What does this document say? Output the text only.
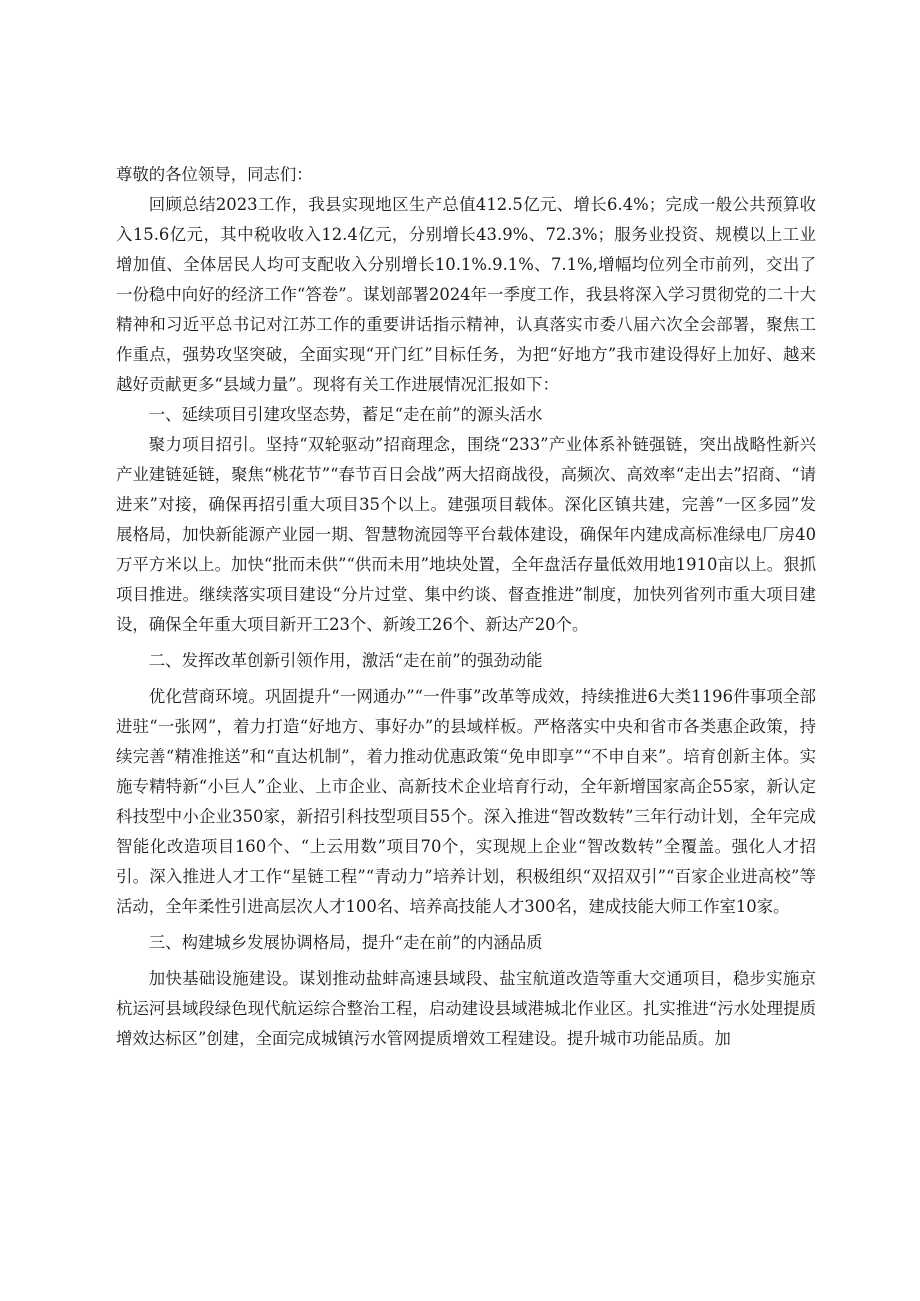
尊敬的各位领导，同志们：

回顾总结2023工作，我县实现地区生产总值412.5亿元、增长6.4%；完成一般公共预算收入15.6亿元，其中税收收入12.4亿元，分别增长43.9%、72.3%；服务业投资、规模以上工业增加值、全体居民人均可支配收入分别增长10.1%.9.1%、7.1%,增幅均位列全市前列，交出了一份稳中向好的经济工作“答卷”。谋划部署2024年一季度工作，我县将深入学习贯彻党的二十大精神和习近平总书记对江苏工作的重要讲话指示精神，认真落实市委八届六次全会部署，聚焦工作重点，强势攻坚突破，全面实现“开门红”目标任务，为把“好地方”我市建设得好上加好、越来越好贡献更多“县域力量”。现将有关工作进展情况汇报如下：

一、延续项目引建攻坚态势，蓄足“走在前”的源头活水

聚力项目招引。坚持“双轮驱动”招商理念，围绕“233”产业体系补链强链，突出战略性新兴产业建链延链，聚焦“桃花节”“春节百日会战”两大招商战役，高频次、高效率“走出去”招商、“请进来”对接，确保再招引重大项目35个以上。建强项目载体。深化区镇共建，完善“一区多园”发展格局，加快新能源产业园一期、智慧物流园等平台载体建设，确保年内建成高标准绿电厂房40万平方米以上。加快“批而未供”“供而未用”地块处置，全年盘活存量低效用地1910亩以上。狠抓项目推进。继续落实项目建设“分片过堂、集中约谈、督查推进”制度，加快列省列市重大项目建设，确保全年重大项目新开工23个、新竣工26个、新达产20个。

二、发挥改革创新引领作用，激活“走在前”的强劲动能

优化营商环境。巩固提升“一网通办”“一件事”改革等成效，持续推进6大类1196件事项全部进驻“一张网”，着力打造“好地方、事好办”的县域样板。严格落实中央和省市各类惠企政策，持续完善“精准推送”和“直达机制”，着力推动优惠政策“免申即享”“不申自来”。培育创新主体。实施专精特新“小巨人”企业、上市企业、高新技术企业培育行动，全年新增国家高企55家，新认定科技型中小企业350家，新招引科技型项目55个。深入推进“智改数转”三年行动计划，全年完成智能化改造项目160个、“上云用数”项目70个，实现规上企业“智改数转”全覆盖。强化人才招引。深入推进人才工作“星链工程”“青动力”培养计划，积极组织“双招双引”“百家企业进高校”等活动，全年柔性引进高层次人才100名、培养高技能人才300名，建成技能大师工作室10家。

三、构建城乡发展协调格局，提升“走在前”的内涵品质

加快基础设施建设。谋划推动盐蚌高速县域段、盐宝航道改造等重大交通项目，稳步实施京杭运河县域段绿色现代航运综合整治工程，启动建设县域港城北作业区。扎实推进“污水处理提质增效达标区”创建，全面完成城镇污水管网提质增效工程建设。提升城市功能品质。加
